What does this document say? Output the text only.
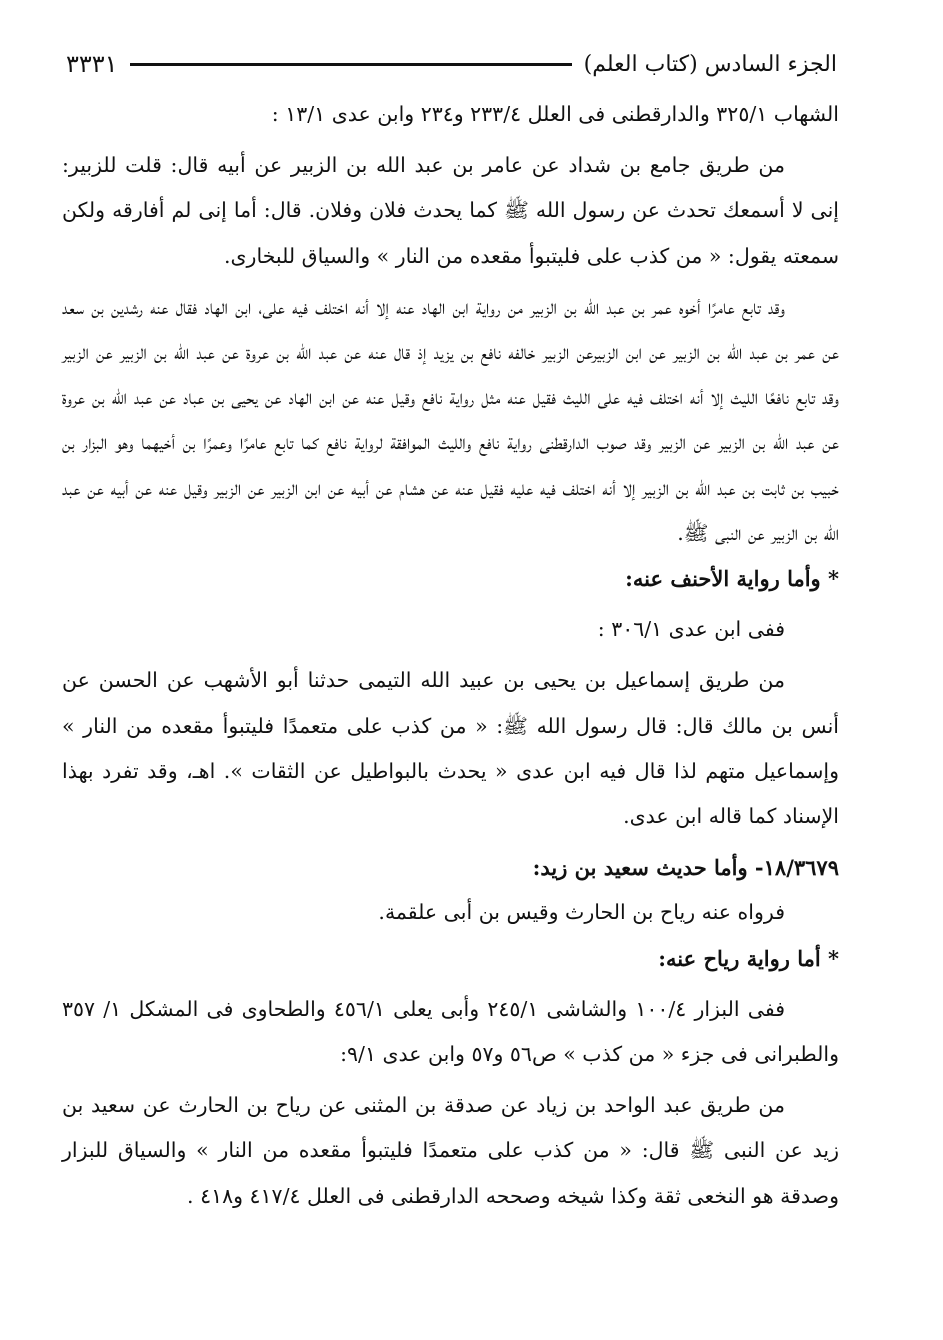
الجزء السادس (كتاب العلم)
٣٣٣١

الشهاب ٣٢٥/١ والدارقطنى فى العلل ٢٣٣/٤ و٢٣٤ وابن عدى ١٣/١ :

من طريق جامع بن شداد عن عامر بن عبد الله بن الزبير عن أبيه قال: قلت للزبير: إنى لا أسمعك تحدث عن رسول الله ﷺ كما يحدث فلان وفلان. قال: أما إنى لم أفارقه ولكن سمعته يقول: « من كذب على فليتبوأ مقعده من النار » والسياق للبخارى.

وقد تابع عامرًا أخوه عمر بن عبد الله بن الزبير من رواية ابن الهاد عنه إلا أنه اختلف فيه على، ابن الهاد فقال عنه رشدين بن سعد عن عمر بن عبد الله بن الزبير عن ابن الزبيرعن الزبير خالفه نافع بن يزيد إذ قال عنه عن عبد الله بن عروة عن عبد الله بن الزبير عن الزبير وقد تابع نافعًا الليث إلا أنه اختلف فيه على الليث فقيل عنه مثل رواية نافع وقيل عنه عن ابن الهاد عن يحيى بن عباد عن عبد الله بن عروة عن عبد الله بن الزبير عن الزبير وقد صوب الدارقطنى رواية نافع والليث الموافقة لرواية نافع كما تابع عامرًا وعمرًا بن أخيهما وهو البزار بن خبيب بن ثابت بن عبد الله بن الزبير إلا أنه اختلف فيه عليه فقيل عنه عن هشام عن أبيه عن ابن الزبير عن الزبير وقيل عنه عن أبيه عن عبد الله بن الزبير عن النبى ﷺ.

* وأما رواية الأحنف عنه:

ففى ابن عدى ٣٠٦/١ :

من طريق إسماعيل بن يحيى بن عبيد الله التيمى حدثنا أبو الأشهب عن الحسن عن أنس بن مالك قال: قال رسول الله ﷺ: « من كذب على متعمدًا فليتبوأ مقعده من النار » وإسماعيل متهم لذا قال فيه ابن عدى « يحدث بالبواطيل عن الثقات ». اهـ، وقد تفرد بهذا الإسناد كما قاله ابن عدى.

١٨/٣٦٧٩- وأما حديث سعيد بن زيد:

فرواه عنه رياح بن الحارث وقيس بن أبى علقمة.

* أما رواية رياح عنه:

ففى البزار ١٠٠/٤ والشاشى ٢٤٥/١ وأبى يعلى ٤٥٦/١ والطحاوى فى المشكل ١/ ٣٥٧ والطبرانى فى جزء « من كذب » ص٥٦ و٥٧ وابن عدى ٩/١:

من طريق عبد الواحد بن زياد عن صدقة بن المثنى عن رياح بن الحارث عن سعيد بن زيد عن النبى ﷺ قال: « من كذب على متعمدًا فليتبوأ مقعده من النار » والسياق للبزار وصدقة هو النخعى ثقة وكذا شيخه وصححه الدارقطنى فى العلل ٤١٧/٤ و٤١٨ .
